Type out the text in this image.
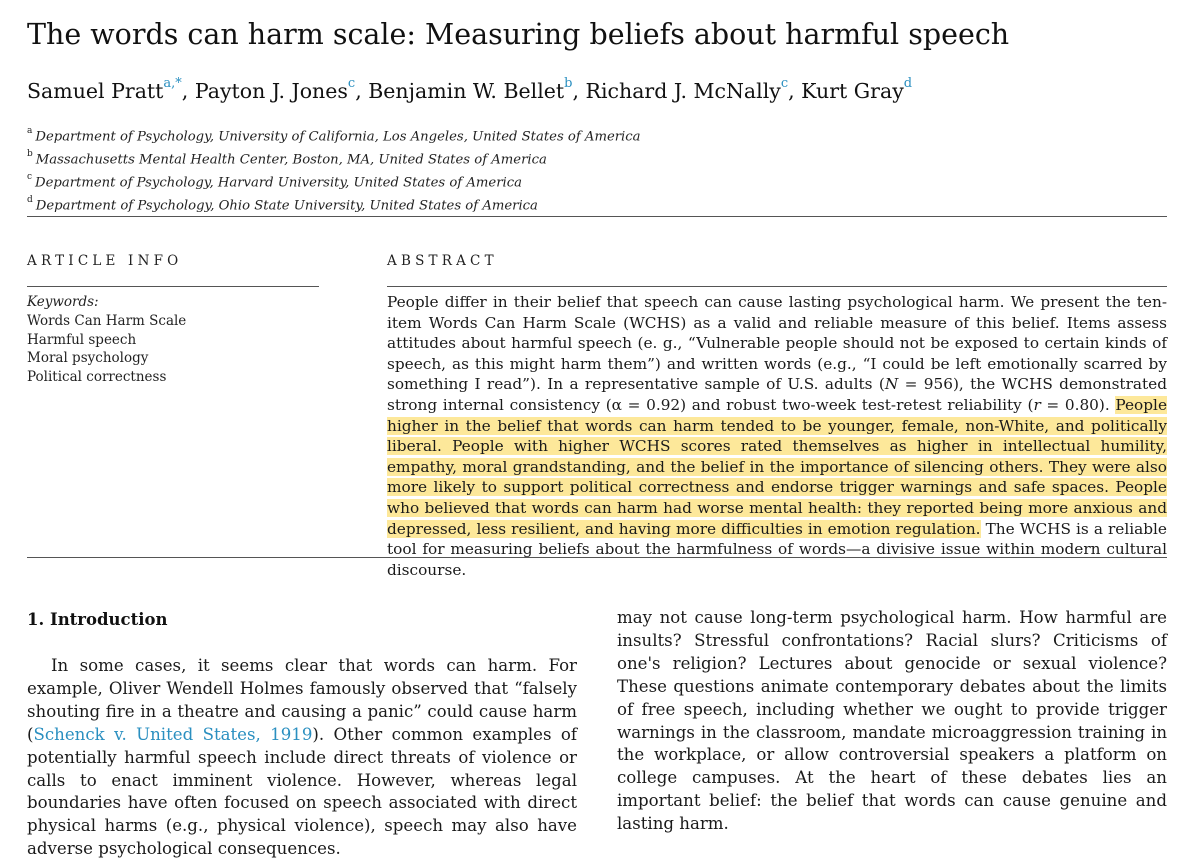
The words can harm scale: Measuring beliefs about harmful speech
Samuel Pratt$^{a,*}$, Payton J. Jones$^c$, Benjamin W. Bellet$^b$, Richard J. McNally$^c$, Kurt Gray$^d$
$^a$ Department of Psychology, University of California, Los Angeles, United States of America
$^b$ Massachusetts Mental Health Center, Boston, MA, United States of America
$^c$ Department of Psychology, Harvard University, United States of America
$^d$ Department of Psychology, Ohio State University, United States of America
ARTICLE INFO	ABSTRACT
Keywords:
Words Can Harm Scale
Harmful speech
Moral psychology
Political correctness

People differ in their belief that speech can cause lasting psychological harm. We present the ten-item Words Can Harm Scale (WCHS) as a valid and reliable measure of this belief. Items assess attitudes about harmful speech (e. g., “Vulnerable people should not be exposed to certain kinds of speech, as this might harm them”) and written words (e.g., “I could be left emotionally scarred by something I read”). In a representative sample of U.S. adults (N = 956), the WCHS demonstrated strong internal consistency (α = 0.92) and robust two-week test-retest reliability (r = 0.80). People higher in the belief that words can harm tended to be younger, female, non-White, and politically liberal. People with higher WCHS scores rated themselves as higher in intellectual humility, empathy, moral grandstanding, and the belief in the importance of silencing others. They were also more likely to support political correctness and endorse trigger warnings and safe spaces. People who believed that words can harm had worse mental health: they reported being more anxious and depressed, less resilient, and having more difficulties in emotion regulation. The WCHS is a reliable tool for measuring beliefs about the harmfulness of words—a divisive issue within modern cultural discourse.

1. Introduction

In some cases, it seems clear that words can harm. For example, Oliver Wendell Holmes famously observed that “falsely shouting fire in a theatre and causing a panic” could cause harm (Schenck v. United States, 1919). Other common examples of potentially harmful speech include direct threats of violence or calls to enact imminent violence. However, whereas legal boundaries have often focused on speech associated with direct physical harms (e.g., physical violence), speech may also have adverse psychological consequences.

may not cause long-term psychological harm. How harmful are insults? Stressful confrontations? Racial slurs? Criticisms of one's religion? Lectures about genocide or sexual violence? These questions animate contemporary debates about the limits of free speech, including whether we ought to provide trigger warnings in the classroom, mandate microaggression training in the workplace, or allow controversial speakers a platform on college campuses. At the heart of these debates lies an important belief: the belief that words can cause genuine and lasting harm.
